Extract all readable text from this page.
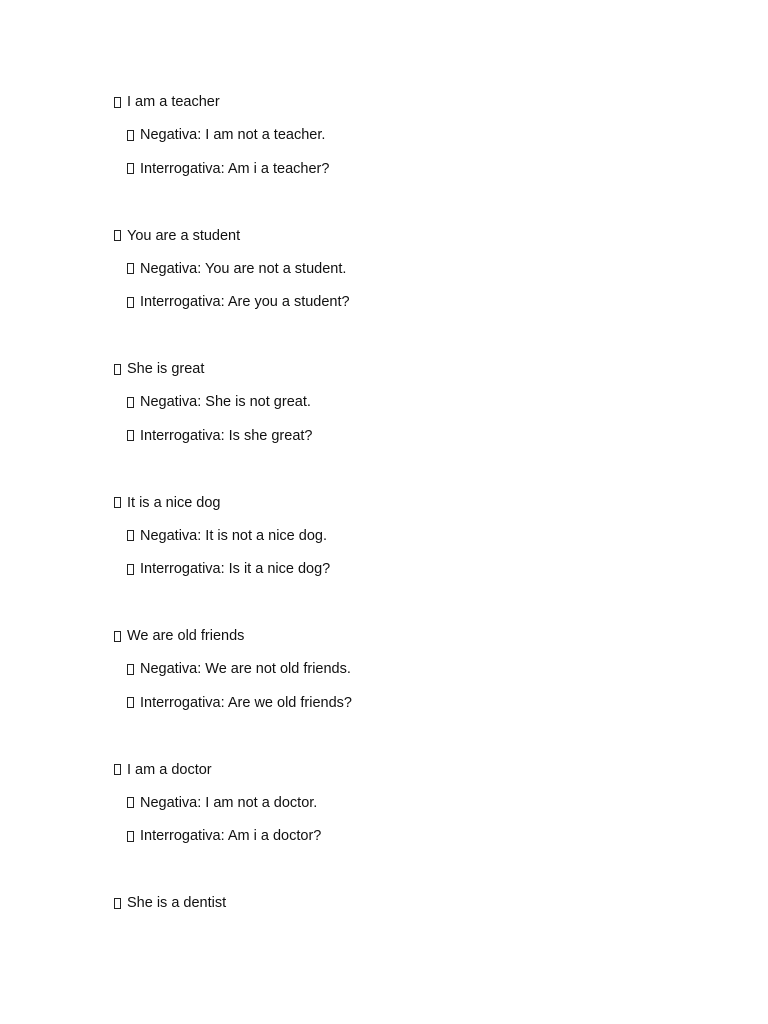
I am a teacher
Negativa: I am not a teacher.
Interrogativa: Am i a teacher?
You are a student
Negativa: You are not a student.
Interrogativa: Are you a student?
She is great
Negativa: She is not great.
Interrogativa: Is she great?
It is a nice dog
Negativa: It is not a nice dog.
Interrogativa: Is it a nice dog?
We are old friends
Negativa: We are not old friends.
Interrogativa: Are we old friends?
I am a doctor
Negativa: I am not a doctor.
Interrogativa: Am i a doctor?
She is a dentist
